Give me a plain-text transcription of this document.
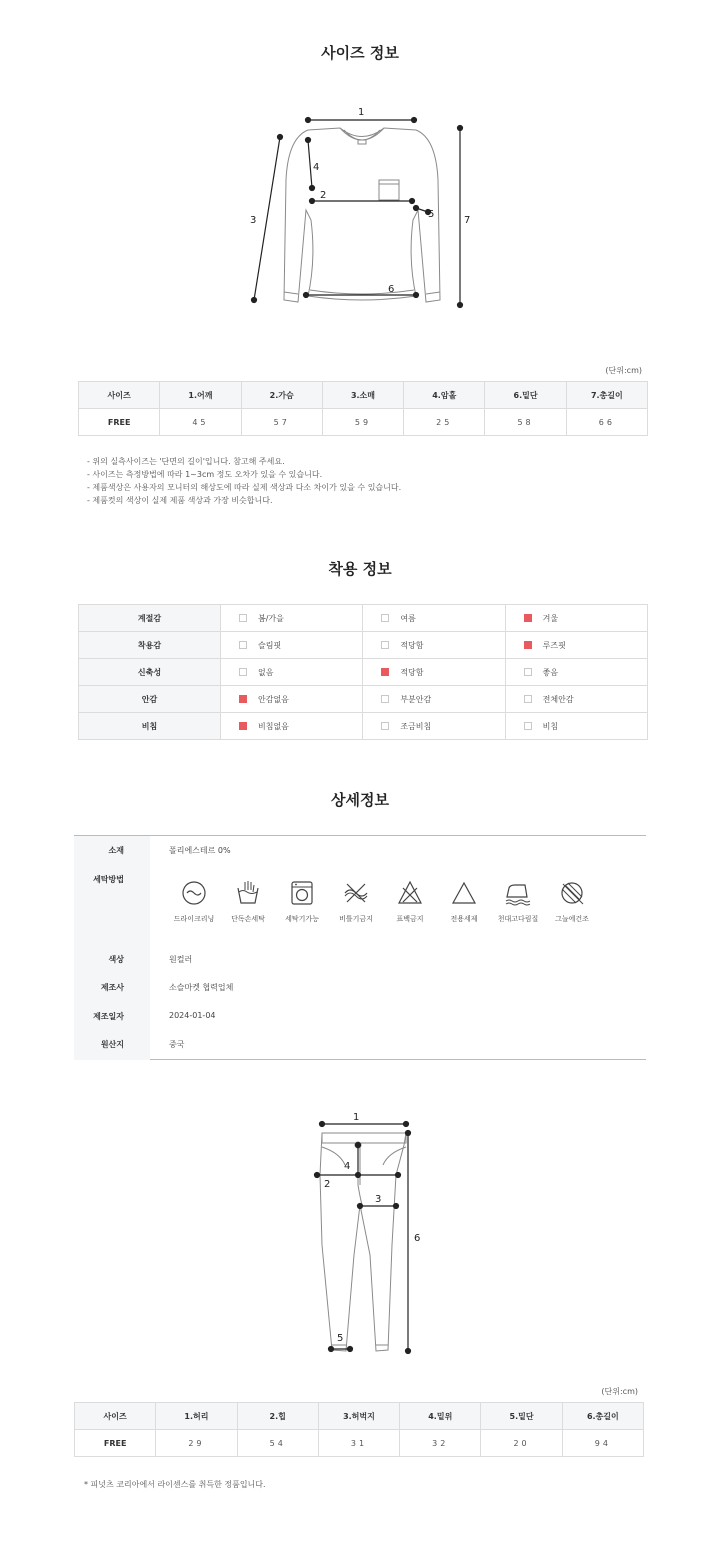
사이즈 정보
1
2
3
4
5
6
7
(단위:cm)
사이즈	1.어깨	2.가슴	3.소매	4.암홀	6.밑단	7.총길이
FREE	45	57	59	25	58	66
- 위의 실측사이즈는 '단면의 길이'입니다. 참고해 주세요.
- 사이즈는 측정방법에 따라 1~3cm 정도 오차가 있을 수 있습니다.
- 제품색상은 사용자의 모니터의 해상도에 따라 실제 색상과 다소 차이가 있을 수 있습니다.
- 제품컷의 색상이 실제 제품 색상과 가장 비슷합니다.
착용 정보
계절감	봄/가을	여름	겨울

착용감	슬림핏	적당함	루즈핏

신축성	없음	적당함	좋음

안감	안감없음	부분안감	전체안감

비침	비침없음	조금비침	비침
상세정보
소재	폴리에스테르 0%
세탁방법
드라이크리닝	단독손세탁	세탁기가능	비틀기금지	표백금지	전용세제	천대고다림질	그늘에건조
색상	원컬러
제조사	소슬마켓 협력업체
제조일자	2024-01-04
원산지	중국
1
2
3
4
5
6
(단위:cm)
사이즈	1.허리	2.힙	3.허벅지	4.밑위	5.밑단	6.총길이
FREE	29	54	31	32	20	94
* 피넛츠 코리아에서 라이센스를 취득한 정품입니다.
